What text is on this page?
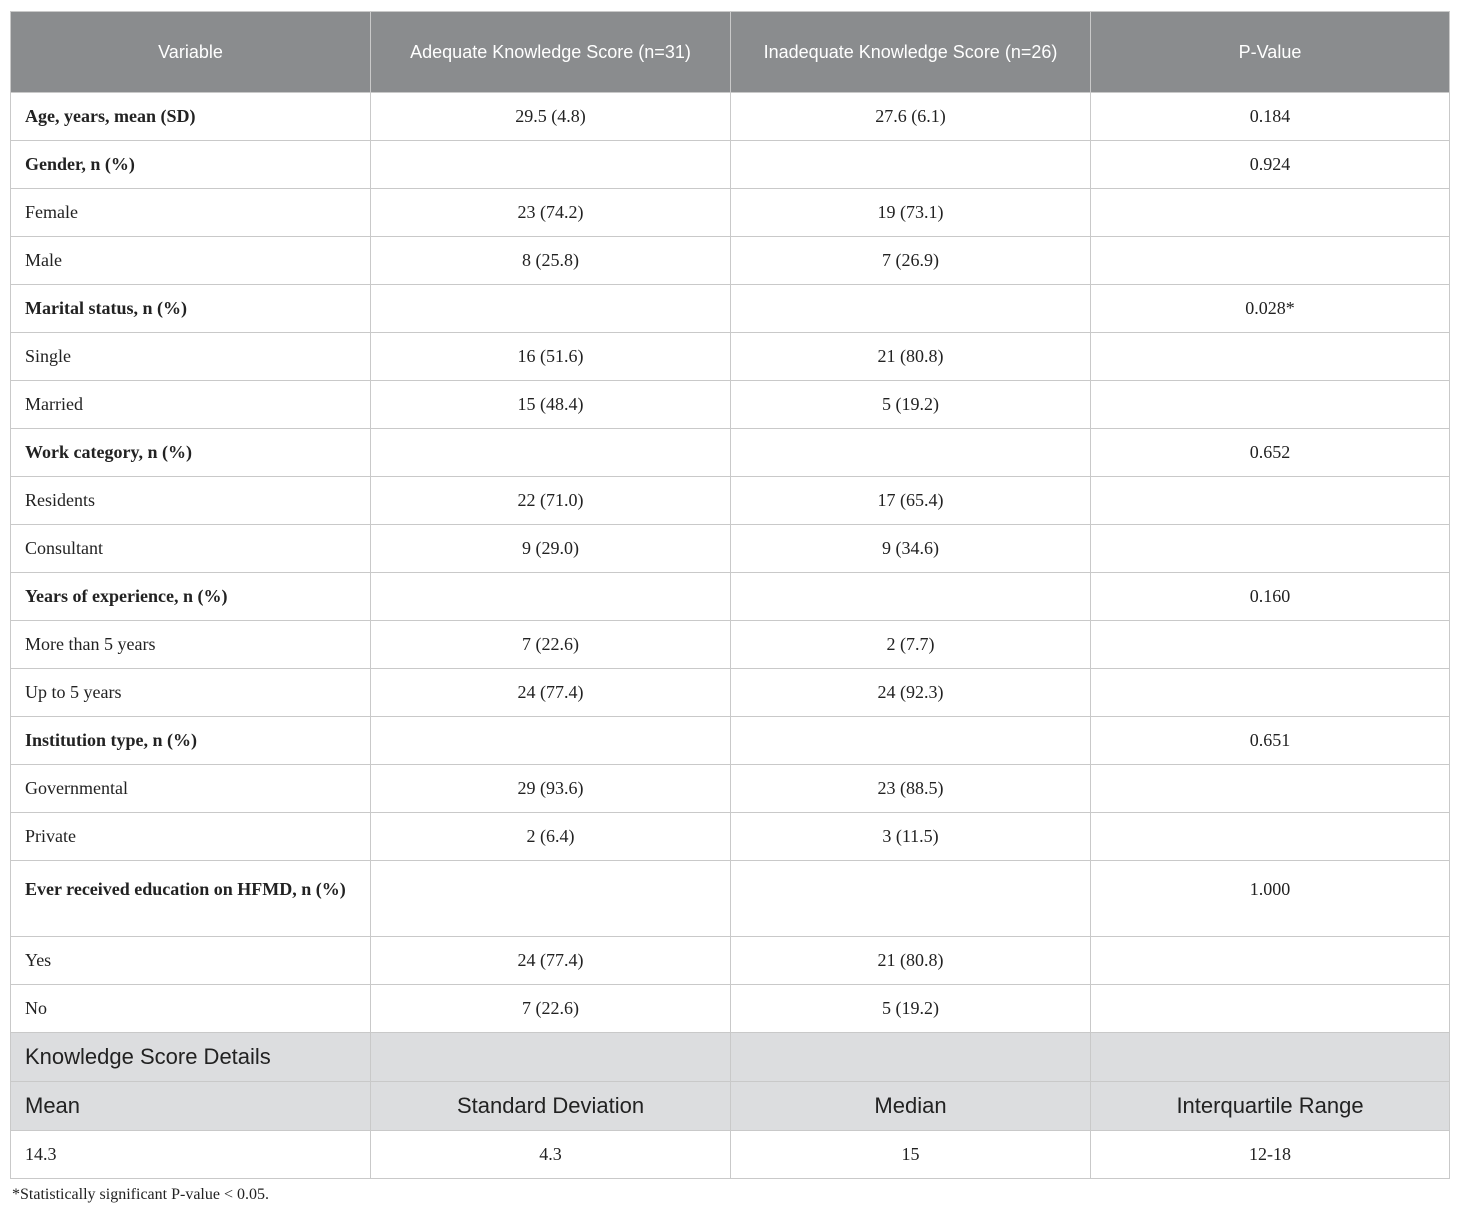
Variable	Adequate Knowledge Score (n=31)	Inadequate Knowledge Score (n=26)	P-Value
Age, years, mean (SD)	29.5 (4.8)	27.6 (6.1)	0.184
Gender, n (%)			0.924
Female	23 (74.2)	19 (73.1)	
Male	8 (25.8)	7 (26.9)	
Marital status, n (%)			0.028*
Single	16 (51.6)	21 (80.8)	
Married	15 (48.4)	5 (19.2)	
Work category, n (%)			0.652
Residents	22 (71.0)	17 (65.4)	
Consultant	9 (29.0)	9 (34.6)	
Years of experience, n (%)			0.160
More than 5 years	7 (22.6)	2 (7.7)	
Up to 5 years	24 (77.4)	24 (92.3)	
Institution type, n (%)			0.651
Governmental	29 (93.6)	23 (88.5)	
Private	2 (6.4)	3 (11.5)	
Ever received education on HFMD, n (%)			1.000
Yes	24 (77.4)	21 (80.8)	
No	7 (22.6)	5 (19.2)	
Knowledge Score Details			
Mean	Standard Deviation	Median	Interquartile Range
14.3	4.3	15	12-18
*Statistically significant P-value < 0.05.
